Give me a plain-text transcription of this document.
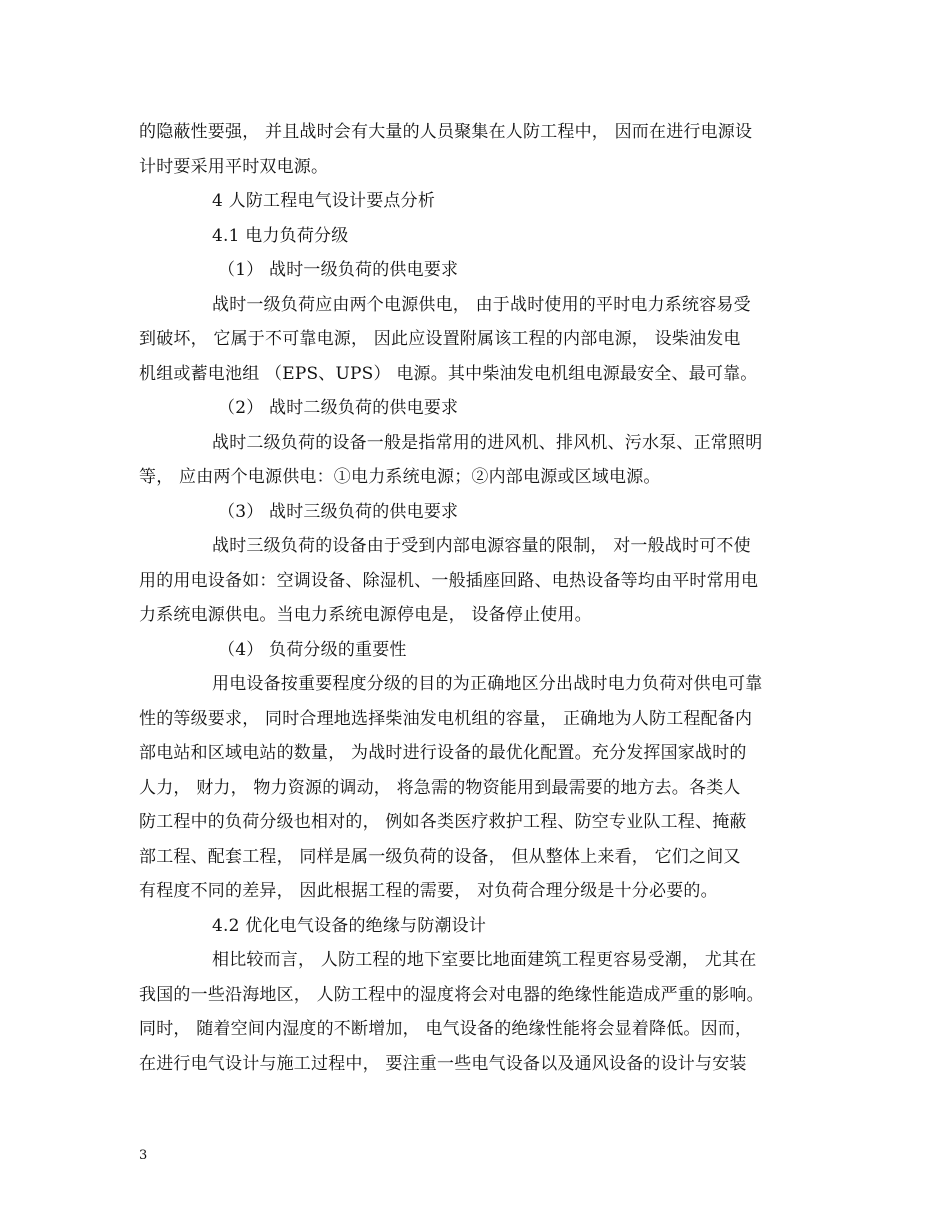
的隐蔽性要强， 并且战时会有大量的人员聚集在人防工程中， 因而在进行电源设
计时要采用平时双电源。
4 人防工程电气设计要点分析
4.1 电力负荷分级
（1） 战时一级负荷的供电要求
战时一级负荷应由两个电源供电， 由于战时使用的平时电力系统容易受
到破坏， 它属于不可靠电源， 因此应设置附属该工程的内部电源， 设柴油发电
机组或蓄电池组 （EPS、UPS） 电源。其中柴油发电机组电源最安全、最可靠。
（2） 战时二级负荷的供电要求
战时二级负荷的设备一般是指常用的进风机、排风机、污水泵、正常照明
等， 应由两个电源供电：①电力系统电源；②内部电源或区域电源。
（3） 战时三级负荷的供电要求
战时三级负荷的设备由于受到内部电源容量的限制， 对一般战时可不使
用的用电设备如：空调设备、除湿机、一般插座回路、电热设备等均由平时常用电
力系统电源供电。当电力系统电源停电是， 设备停止使用。
（4） 负荷分级的重要性
用电设备按重要程度分级的目的为正确地区分出战时电力负荷对供电可靠
性的等级要求， 同时合理地选择柴油发电机组的容量， 正确地为人防工程配备内
部电站和区域电站的数量， 为战时进行设备的最优化配置。充分发挥国家战时的
人力， 财力， 物力资源的调动， 将急需的物资能用到最需要的地方去。各类人
防工程中的负荷分级也相对的， 例如各类医疗救护工程、防空专业队工程、掩蔽
部工程、配套工程， 同样是属一级负荷的设备， 但从整体上来看， 它们之间又
有程度不同的差异， 因此根据工程的需要， 对负荷合理分级是十分必要的。
4.2 优化电气设备的绝缘与防潮设计
相比较而言， 人防工程的地下室要比地面建筑工程更容易受潮， 尤其在
我国的一些沿海地区， 人防工程中的湿度将会对电器的绝缘性能造成严重的影响。
同时， 随着空间内湿度的不断增加， 电气设备的绝缘性能将会显着降低。因而，
在进行电气设计与施工过程中， 要注重一些电气设备以及通风设备的设计与安装
3
